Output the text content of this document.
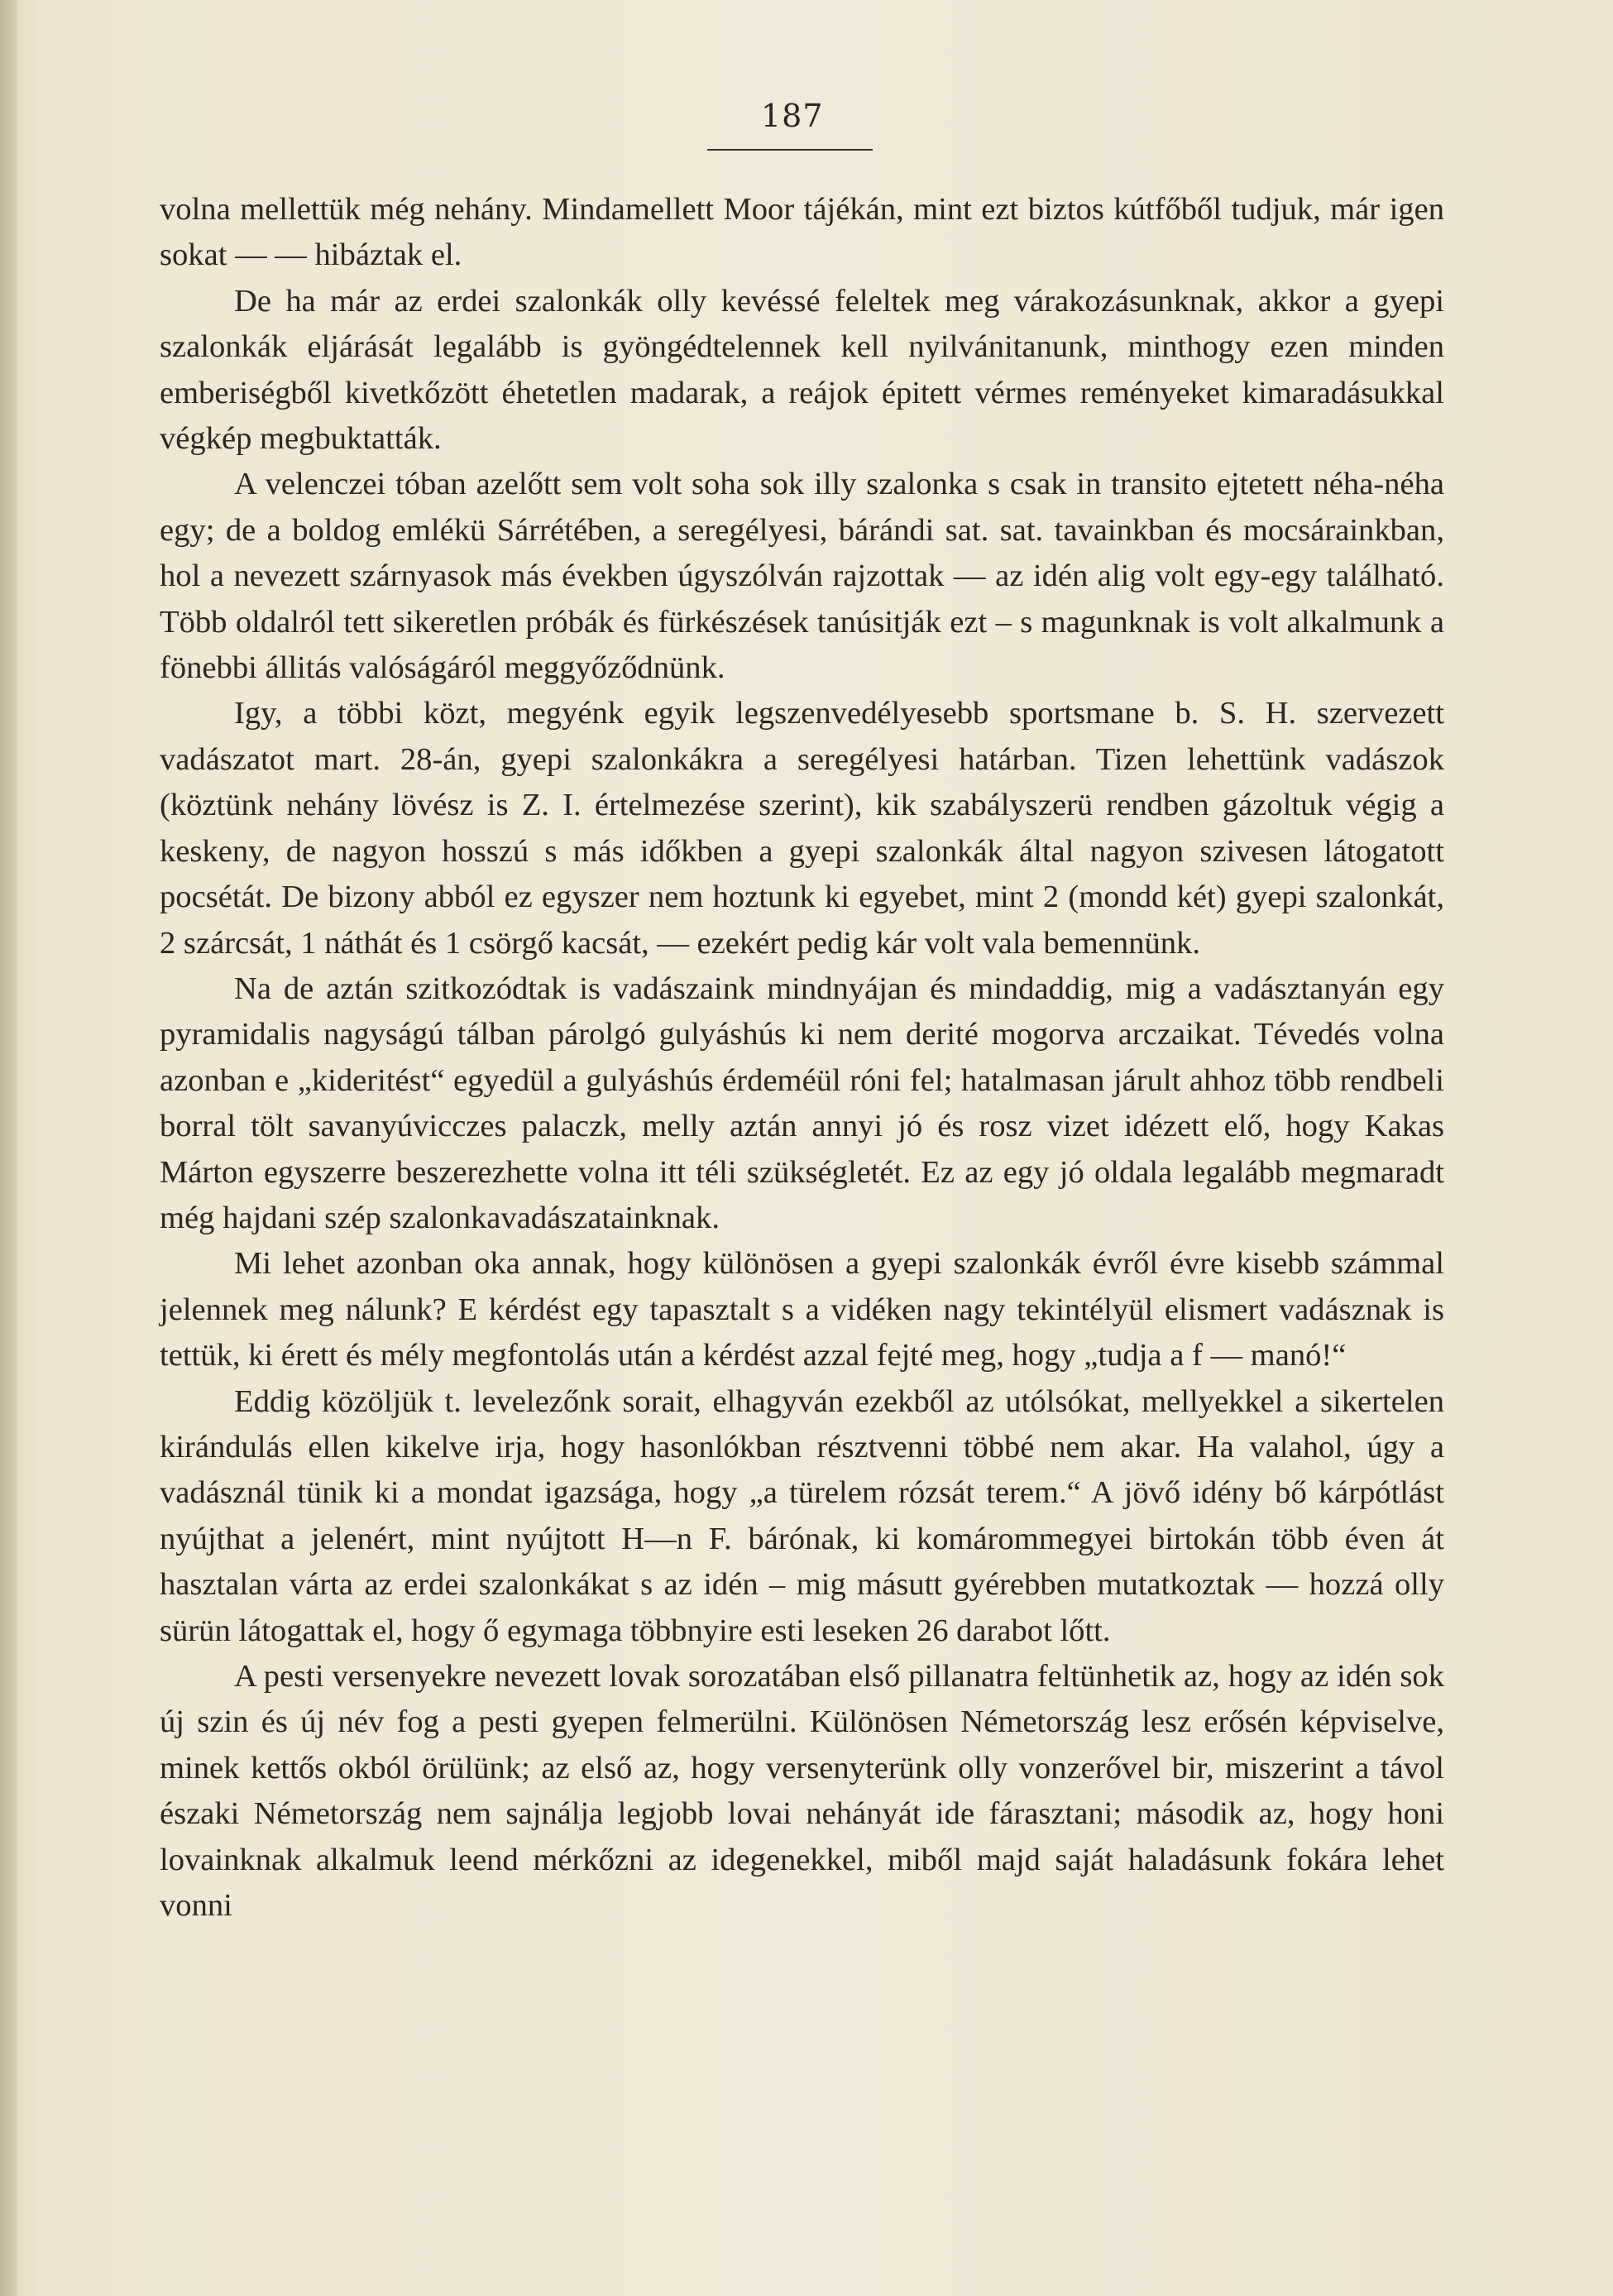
187

volna mellettük még nehány. Mindamellett Moor tájékán, mint ezt biztos kútfőből tudjuk, már igen sokat — — hibáztak el.

De ha már az erdei szalonkák olly kevéssé feleltek meg várakozásunknak, akkor a gyepi szalonkák eljárását legalább is gyöngédtelennek kell nyilvánitanunk, minthogy ezen minden emberiségből kivetkőzött éhetetlen madarak, a reájok épitett vérmes reményeket kimaradásukkal végkép megbuktatták.

A velenczei tóban azelőtt sem volt soha sok illy szalonka s csak in transito ejtetett néha-néha egy; de a boldog emlékü Sárrétében, a seregélyesi, bárándi sat. sat. tavainkban és mocsárainkban, hol a nevezett szárnyasok más években úgyszólván rajzottak — az idén alig volt egy-egy található. Több oldalról tett sikeretlen próbák és fürkészések tanúsitják ezt – s magunknak is volt alkalmunk a fönebbi állitás valóságáról meggyőződnünk.

Igy, a többi közt, megyénk egyik legszenvedélyesebb sportsmane b. S. H. szervezett vadászatot mart. 28-án, gyepi szalonkákra a seregélyesi határban. Tizen lehettünk vadászok (köztünk nehány lövész is Z. I. értelmezése szerint), kik szabályszerü rendben gázoltuk végig a keskeny, de nagyon hosszú s más időkben a gyepi szalonkák által nagyon szivesen látogatott pocsétát. De bizony abból ez egyszer nem hoztunk ki egyebet, mint 2 (mondd két) gyepi szalonkát, 2 szárcsát, 1 náthát és 1 csörgő kacsát, — ezekért pedig kár volt vala bemennünk.

Na de aztán szitkozódtak is vadászaink mindnyájan és mindaddig, mig a vadásztanyán egy pyramidalis nagyságú tálban párolgó gulyáshús ki nem derité mogorva arczaikat. Tévedés volna azonban e „kideritést“ egyedül a gulyáshús érdeméül róni fel; hatalmasan járult ahhoz több rendbeli borral tölt savanyúvicczes palaczk, melly aztán annyi jó és rosz vizet idézett elő, hogy Kakas Márton egyszerre beszerezhette volna itt téli szükségletét. Ez az egy jó oldala legalább megmaradt még hajdani szép szalonkavadászatainknak.

Mi lehet azonban oka annak, hogy különösen a gyepi szalonkák évről évre kisebb számmal jelennek meg nálunk? E kérdést egy tapasztalt s a vidéken nagy tekintélyül elismert vadásznak is tettük, ki érett és mély megfontolás után a kérdést azzal fejté meg, hogy „tudja a f — manó!“

Eddig közöljük t. levelezőnk sorait, elhagyván ezekből az utólsókat, mellyekkel a sikertelen kirándulás ellen kikelve irja, hogy hasonlókban résztvenni többé nem akar. Ha valahol, úgy a vadásznál tünik ki a mondat igazsága, hogy „a türelem rózsát terem.“ A jövő idény bő kárpótlást nyújthat a jelenért, mint nyújtott H—n F. bárónak, ki komárommegyei birtokán több éven át hasztalan várta az erdei szalonkákat s az idén – mig másutt gyérebben mutatkoztak — hozzá olly sürün látogattak el, hogy ő egymaga többnyire esti leseken 26 darabot lőtt.

A pesti versenyekre nevezett lovak sorozatában első pillanatra feltünhetik az, hogy az idén sok új szin és új név fog a pesti gyepen felmerülni. Különösen Németország lesz erősén képviselve, minek kettős okból örülünk; az első az, hogy versenyterünk olly vonzerővel bir, miszerint a távol északi Németország nem sajnálja legjobb lovai nehányát ide fárasztani; második az, hogy honi lovainknak alkalmuk leend mérkőzni az idegenekkel, miből majd saját haladásunk fokára lehet vonni
